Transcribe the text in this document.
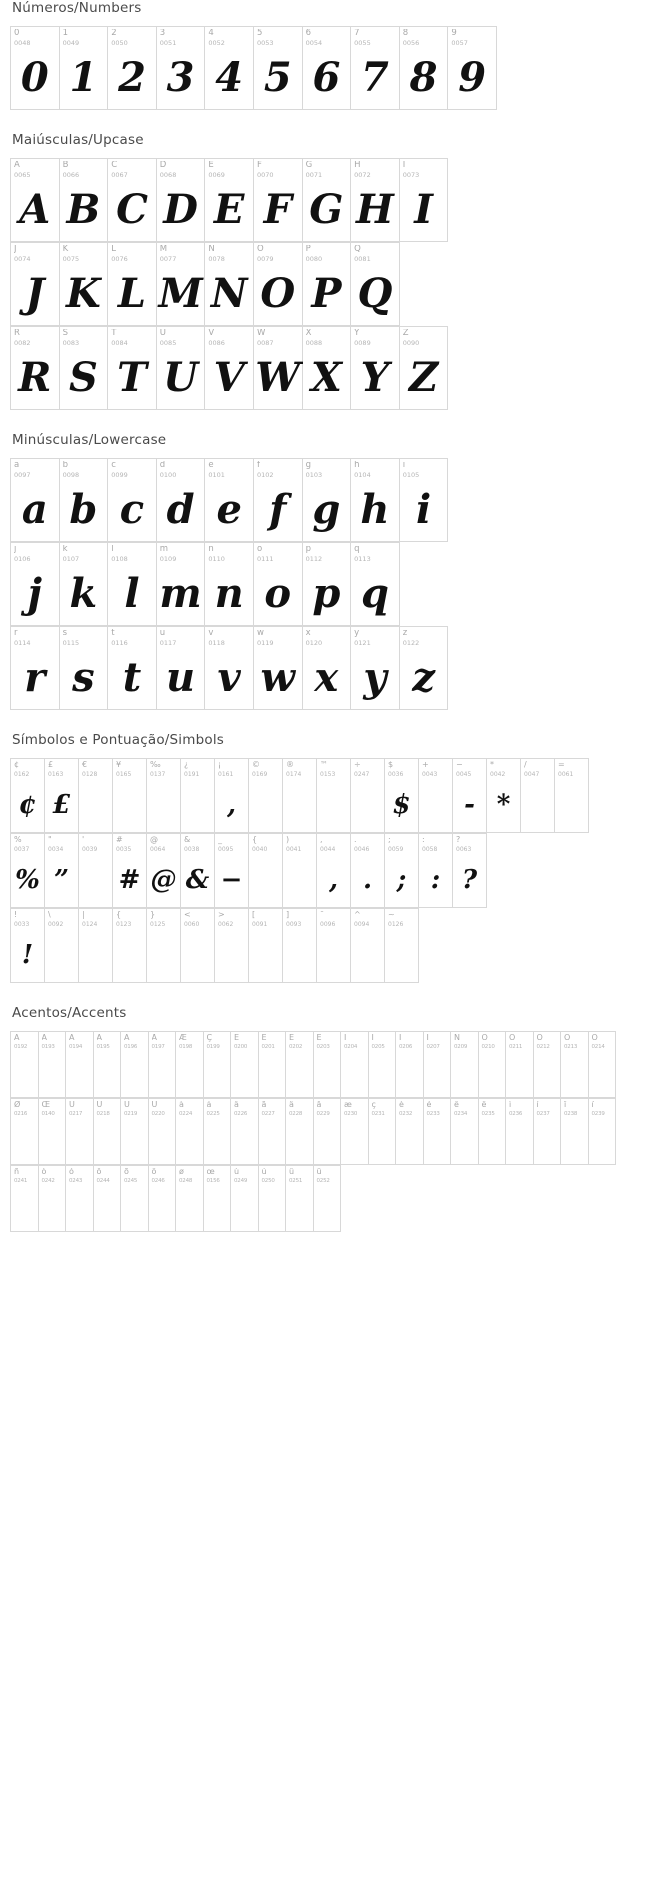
Números/Numbers
0
0048
0
1
0049
1
2
0050
2
3
0051
3
4
0052
4
5
0053
5
6
0054
6
7
0055
7
8
0056
8
9
0057
9
Maiúsculas/Upcase
A
0065
A
B
0066
B
C
0067
C
D
0068
D
E
0069
E
F
0070
F
G
0071
G
H
0072
H
I
0073
I
J
0074
J
K
0075
K
L
0076
L
M
0077
M
N
0078
N
O
0079
O
P
0080
P
Q
0081
Q
R
0082
R
S
0083
S
T
0084
T
U
0085
U
V
0086
V
W
0087
W
X
0088
X
Y
0089
Y
Z
0090
Z
Minúsculas/Lowercase
a
0097
a
b
0098
b
c
0099
c
d
0100
d
e
0101
e
f
0102
f
g
0103
g
h
0104
h
i
0105
i
j
0106
j
k
0107
k
l
0108
l
m
0109
m
n
0110
n
o
0111
o
p
0112
p
q
0113
q
r
0114
r
s
0115
s
t
0116
t
u
0117
u
v
0118
v
w
0119
w
x
0120
x
y
0121
y
z
0122
z
Símbolos e Pontuação/Simbols
¢
0162
¢
£
0163
£
€
0128
¥
0165
‰
0137
¿
0191
¡
0161
,
©
0169
®
0174
™
0153
÷
0247
$
0036
$
+
0043
−
0045
-
*
0042
*
/
0047
=
0061
%
0037
%
"
0034
”
'
0039
#
0035
#
@
0064
@
&
0038
&
_
0095
−
{
0040
)
0041
,
0044
,
.
0046
.
;
0059
;
:
0058
:
?
0063
?
!
0033
!
\
0092
|
0124
{
0123
}
0125
<
0060
>
0062
[
0091
]
0093
¯
0096
^
0094
~
0126
Acentos/Accents
À
0192
Á
0193
Â
0194
Ã
0195
Ä
0196
Å
0197
Æ
0198
Ç
0199
È
0200
É
0201
Ê
0202
Ë
0203
Ì
0204
Í
0205
Î
0206
Ï
0207
Ñ
0209
Ò
0210
Ó
0211
Ô
0212
Õ
0213
Ö
0214
Ø
0216
Œ
0140
Ù
0217
Ú
0218
Û
0219
Ü
0220
à
0224
á
0225
â
0226
ã
0227
ä
0228
å
0229
æ
0230
ç
0231
è
0232
é
0233
ê
0234
ë
0235
ì
0236
í
0237
î
0238
ï
0239
ñ
0241
ò
0242
ó
0243
ô
0244
õ
0245
ö
0246
ø
0248
œ
0156
ù
0249
ú
0250
û
0251
ü
0252
